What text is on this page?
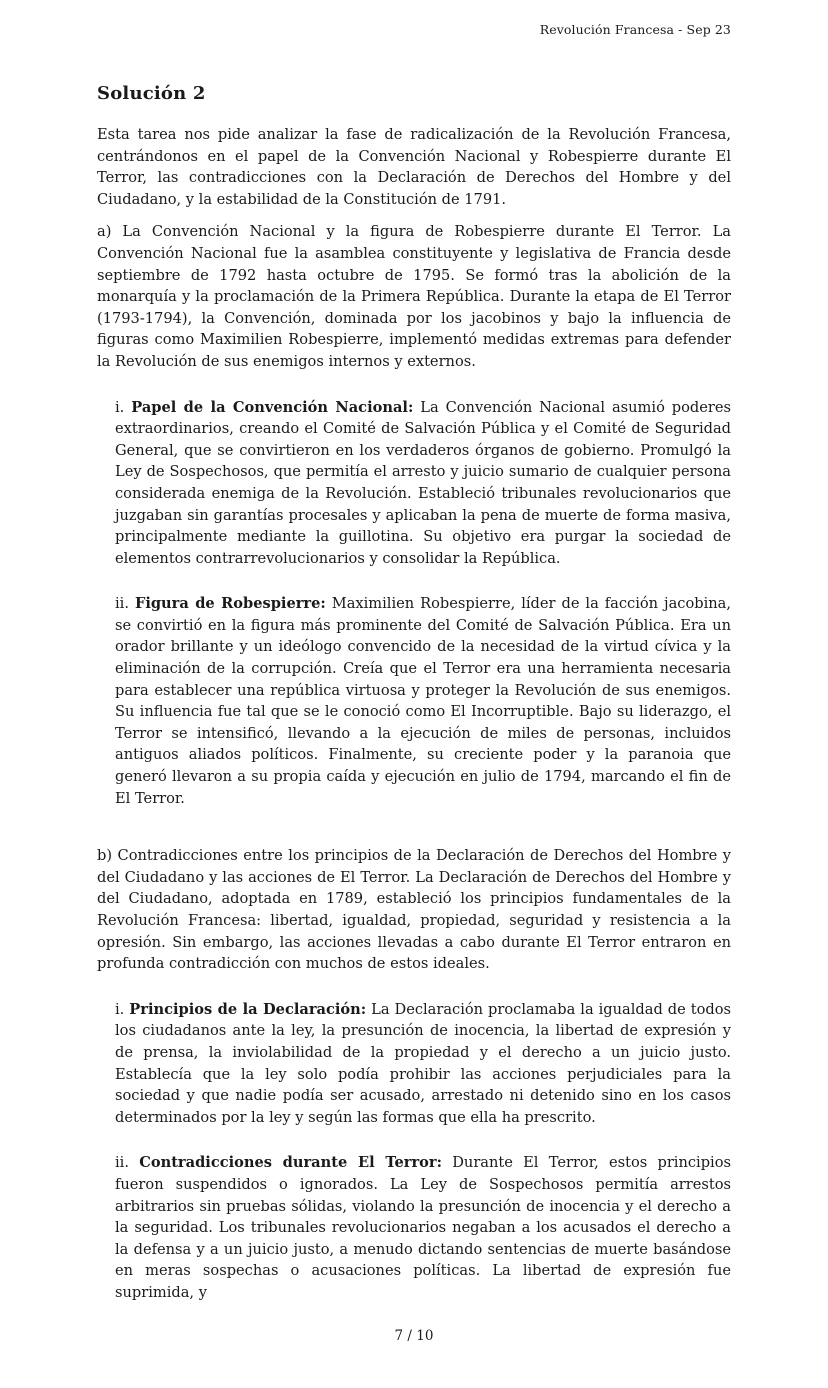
Revolución Francesa - Sep 23
Solución 2

Esta tarea nos pide analizar la fase de radicalización de la Revolución Francesa, centrándonos en el papel de la Convención Nacional y Robespierre durante El Terror, las contradicciones con la Declaración de Derechos del Hombre y del Ciudadano, y la estabilidad de la Constitución de 1791.

a) La Convención Nacional y la figura de Robespierre durante El Terror. La Convención Nacional fue la asamblea constituyente y legislativa de Francia desde septiembre de 1792 hasta octubre de 1795. Se formó tras la abolición de la monarquía y la proclamación de la Primera República. Durante la etapa de El Terror (1793-1794), la Convención, dominada por los jacobinos y bajo la influencia de figuras como Maximilien Robespierre, implementó medidas extremas para defender la Revolución de sus enemigos internos y externos.

i. Papel de la Convención Nacional: La Convención Nacional asumió poderes extraordinarios, creando el Comité de Salvación Pública y el Comité de Seguridad General, que se convirtieron en los verdaderos órganos de gobierno. Promulgó la Ley de Sospechosos, que permitía el arresto y juicio sumario de cualquier persona considerada enemiga de la Revolución. Estableció tribunales revolucionarios que juzgaban sin garantías procesales y aplicaban la pena de muerte de forma masiva, principalmente mediante la guillotina. Su objetivo era purgar la sociedad de elementos contrarrevolucionarios y consolidar la República.

ii. Figura de Robespierre: Maximilien Robespierre, líder de la facción jacobina, se convirtió en la figura más prominente del Comité de Salvación Pública. Era un orador brillante y un ideólogo convencido de la necesidad de la virtud cívica y la eliminación de la corrupción. Creía que el Terror era una herramienta necesaria para establecer una república virtuosa y proteger la Revolución de sus enemigos. Su influencia fue tal que se le conoció como El Incorruptible. Bajo su liderazgo, el Terror se intensificó, llevando a la ejecución de miles de personas, incluidos antiguos aliados políticos. Finalmente, su creciente poder y la paranoia que generó llevaron a su propia caída y ejecución en julio de 1794, marcando el fin de El Terror.

b) Contradicciones entre los principios de la Declaración de Derechos del Hombre y del Ciudadano y las acciones de El Terror. La Declaración de Derechos del Hombre y del Ciudadano, adoptada en 1789, estableció los principios fundamentales de la Revolución Francesa: libertad, igualdad, propiedad, seguridad y resistencia a la opresión. Sin embargo, las acciones llevadas a cabo durante El Terror entraron en profunda contradicción con muchos de estos ideales.

i. Principios de la Declaración: La Declaración proclamaba la igualdad de todos los ciudadanos ante la ley, la presunción de inocencia, la libertad de expresión y de prensa, la inviolabilidad de la propiedad y el derecho a un juicio justo. Establecía que la ley solo podía prohibir las acciones perjudiciales para la sociedad y que nadie podía ser acusado, arrestado ni detenido sino en los casos determinados por la ley y según las formas que ella ha prescrito.

ii. Contradicciones durante El Terror: Durante El Terror, estos principios fueron suspendidos o ignorados. La Ley de Sospechosos permitía arrestos arbitrarios sin pruebas sólidas, violando la presunción de inocencia y el derecho a la seguridad. Los tribunales revolucionarios negaban a los acusados el derecho a la defensa y a un juicio justo, a menudo dictando sentencias de muerte basándose en meras sospechas o acusaciones políticas. La libertad de expresión fue suprimida, y

7 / 10
